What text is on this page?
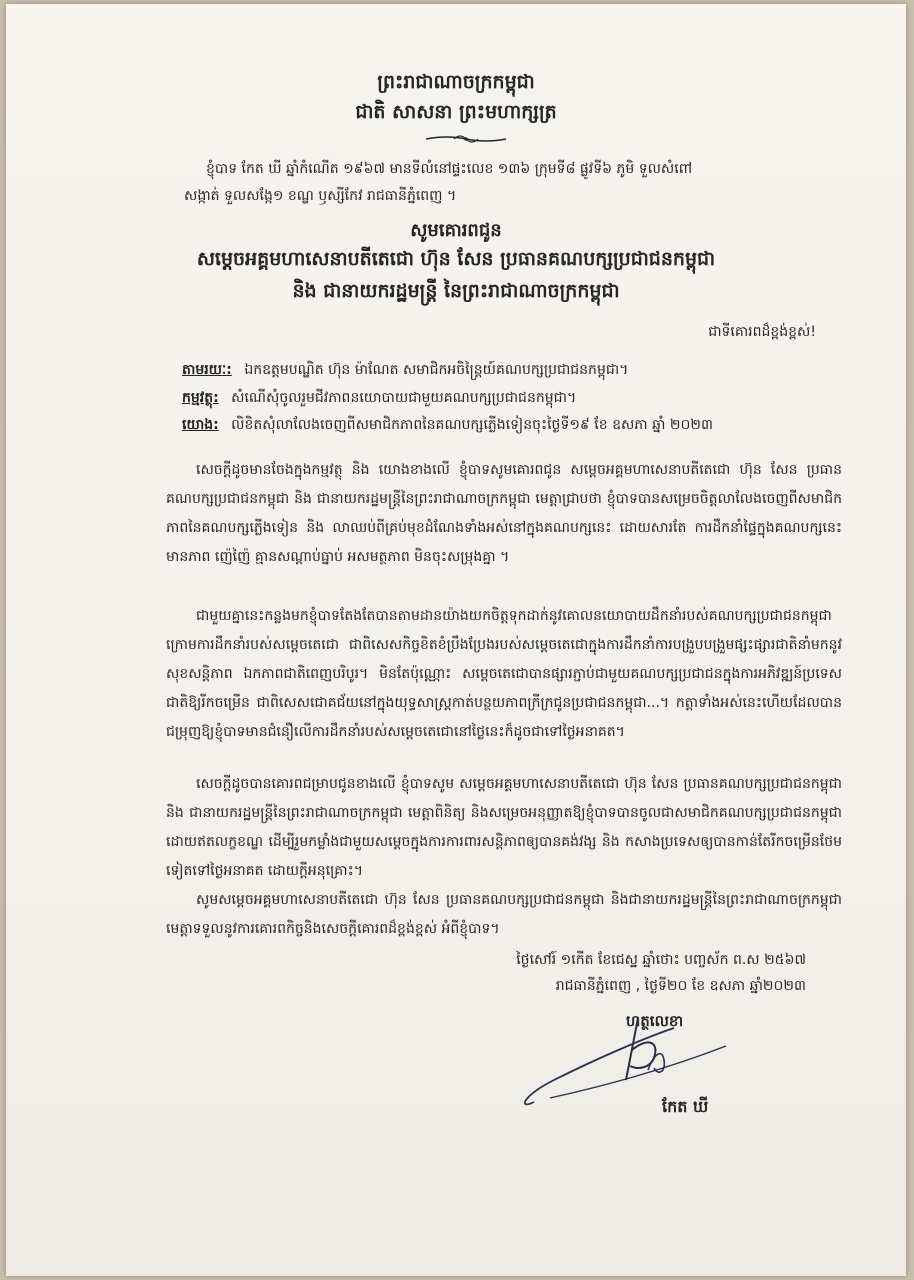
ព្រះរាជាណាចក្រកម្ពុជា
ជាតិ សាសនា ព្រះមហាក្សត្រ
ខ្ញុំបាទ កែត ឃី ឆ្នាំកំណើត ១៩៦៧ មានទីលំនៅផ្ទះលេខ ១៣៦ ក្រុមទី៨ ផ្លូវទី៦ ភូមិ ទួលសំពៅ
សង្កាត់ ទួលសង្កែ១ ខណ្ឌ ឫស្សីកែវ រាជធានីភ្នំពេញ ។
សូមគោរពជូន
សម្ដេចអគ្គមហាសេនាបតីតេជោ ហ៊ុន សែន ប្រធានគណបក្សប្រជាជនកម្ពុជា
និង ជានាយករដ្ឋមន្ត្រី នៃព្រះរាជាណាចក្រកម្ពុជា
ជាទីគោរពដ៏ខ្ពង់ខ្ពស់!
តាមរយៈ: ឯកឧត្តមបណ្ឌិត ហ៊ុន ម៉ាណែត សមាជិកអចិន្ត្រៃយ៍គណបក្សប្រជាជនកម្ពុជា។
កម្មវត្ថុ: សំណើសុំចូលរួមជីវភាពនយោបាយជាមួយគណបក្សប្រជាជនកម្ពុជា។
យោង: លិខិតសុំលាលែងចេញពីសមាជិកភាពនៃគណបក្សភ្លើងទៀនចុះថ្ងៃទី១៩ ខែ ឧសភា ឆ្នាំ ២០២៣
សេចក្ដីដូចមានចែងក្នុងកម្មវត្ថុ និង យោងខាងលើ ខ្ញុំបាទសូមគោរពជូន សម្ដេចអគ្គមហាសេនាបតីតេជោ ហ៊ុន សែន ប្រធានគណបក្សប្រជាជនកម្ពុជា និង ជានាយករដ្ឋមន្ត្រីនៃព្រះរាជាណាចក្រកម្ពុជា មេត្តាជ្រាបថា ខ្ញុំបាទបានសម្រេចចិត្តលាលែងចេញពីសមាជិកភាពនៃគណបក្សភ្លើងទៀន និង លាឈប់ពីគ្រប់មុខដំណែងទាំងអស់នៅក្នុងគណបក្សនេះ ដោយសារតែ ការដឹកនាំផ្ទៃក្នុងគណបក្សនេះមានភាព ញ៉េញ៉ៃ គ្មានសណ្ដាប់ធ្នាប់ អសមត្ថភាព មិនចុះសម្រុងគ្នា ។
ជាមួយគ្នានេះកន្លងមកខ្ញុំបាទតែងតែបានតាមដានយ៉ាងយកចិត្តទុកដាក់នូវគោលនយោបាយដឹកនាំរបស់គណបក្សប្រជាជនកម្ពុជា ក្រោមការដឹកនាំរបស់សម្ដេចតេជោ ជាពិសេសកិច្ចខិតខំប្រឹងប្រែងរបស់សម្ដេចតេជោក្នុងការដឹកនាំការបង្រួបបង្រួមផ្សះផ្សារជាតិនាំមកនូវសុខសន្តិភាព ឯកភាពជាតិពេញបរិបូរ។ មិនតែប៉ុណ្ណោះ សម្ដេចតេជោបានផ្សារភ្ជាប់ជាមួយគណបក្សប្រជាជនក្នុងការអភិវឌ្ឍន៍ប្រទេសជាតិឱ្យរីកចម្រើន ជាពិសេសជោគជ័យនៅក្នុងយុទ្ធសាស្ត្រកាត់បន្ថយភាពក្រីក្រជូនប្រជាជនកម្ពុជា...។ កត្តាទាំងអស់នេះហើយដែលបានជម្រុញឱ្យខ្ញុំបាទមានជំនឿលើការដឹកនាំរបស់សម្ដេចតេជោនៅថ្ងៃនេះក៏ដូចជាទៅថ្ងៃអនាគត។
សេចក្ដីដូចបានគោរពជម្រាបជូនខាងលើ ខ្ញុំបាទសូម សម្ដេចអគ្គមហាសេនាបតីតេជោ ហ៊ុន សែន ប្រធានគណបក្សប្រជាជនកម្ពុជា និង ជានាយករដ្ឋមន្ត្រីនៃព្រះរាជាណាចក្រកម្ពុជា មេត្តាពិនិត្យ និងសម្រេចអនុញ្ញាតឱ្យខ្ញុំបាទបានចូលជាសមាជិកគណបក្សប្រជាជនកម្ពុជា ដោយឥតលក្ខខណ្ឌ ដើម្បីរួមកម្លាំងជាមួយសម្ដេចក្នុងការការពារសន្តិភាពឲ្យបានគង់វង្ស និង កសាងប្រទេសឲ្យបានកាន់តែរីកចម្រើនថែមទៀតទៅថ្ងៃអនាគត ដោយក្ដីអនុគ្រោះ។
សូមសម្ដេចអគ្គមហាសេនាបតីតេជោ ហ៊ុន សែន ប្រធានគណបក្សប្រជាជនកម្ពុជា និងជានាយករដ្ឋមន្ត្រីនៃព្រះរាជាណាចក្រកម្ពុជា មេត្តាទទួលនូវការគោរពកិច្ចនិងសេចក្ដីគោរពដ៏ខ្ពង់ខ្ពស់ អំពីខ្ញុំបាទ។
ថ្ងៃសៅរ៍ ១កើត ខែជេស្ឋ ឆ្នាំថោះ បញ្ចស័ក ព.ស ២៥៦៧
រាជធានីភ្នំពេញ , ថ្ងៃទី២០ ខែ ឧសភា ឆ្នាំ២០២៣
ហត្ថលេខា
កែត ឃី
